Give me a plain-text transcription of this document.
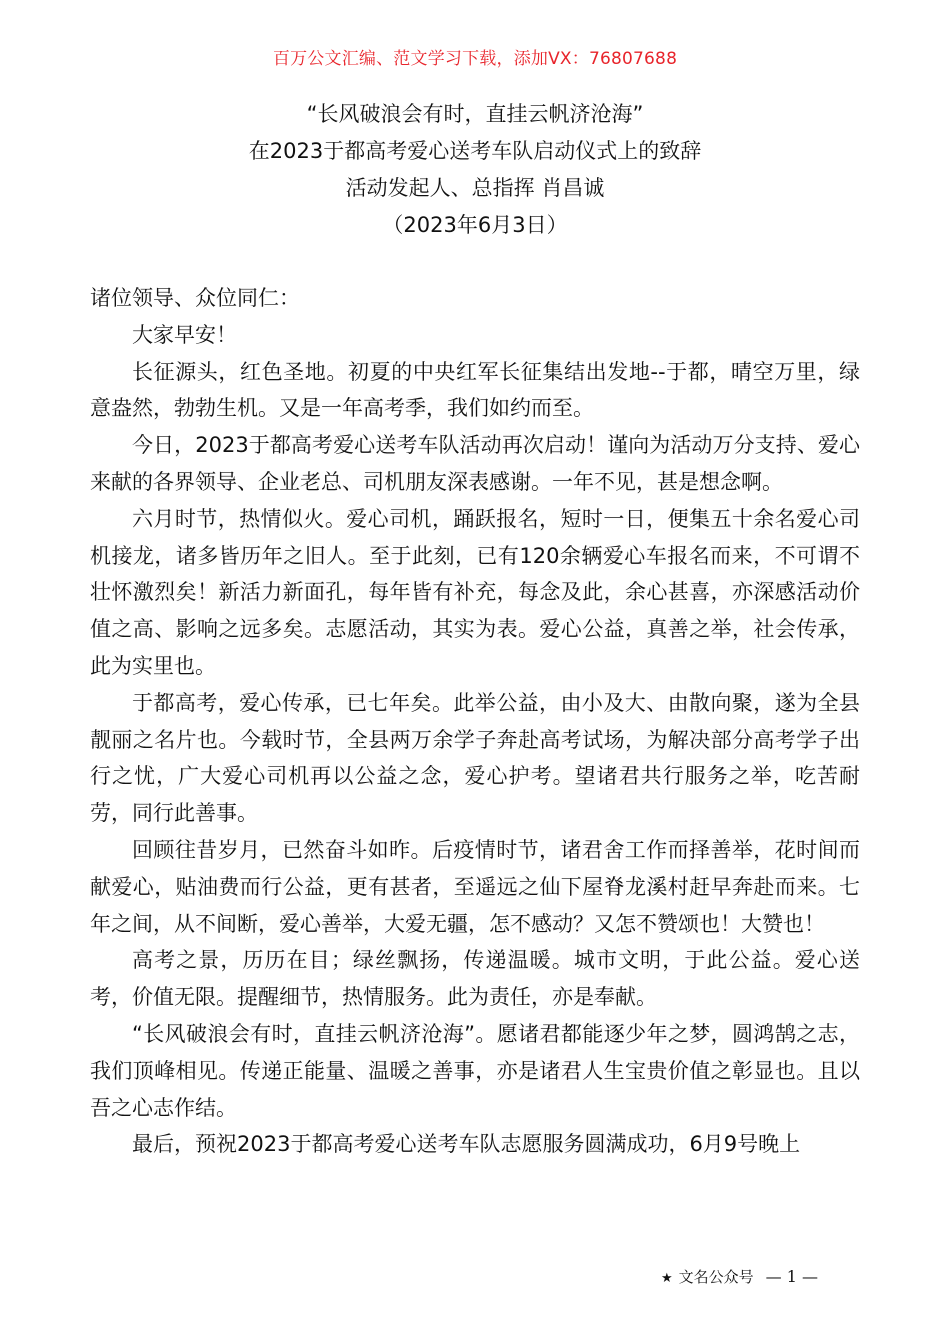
百万公文汇编、范文学习下载，添加VX：76807688
“长风破浪会有时，直挂云帆济沧海”
在2023于都高考爱心送考车队启动仪式上的致辞
活动发起人、总指挥 肖昌诚
（2023年6月3日）

诸位领导、众位同仁：

大家早安！

长征源头，红色圣地。初夏的中央红军长征集结出发地--于都，晴空万里，绿意盎然，勃勃生机。又是一年高考季，我们如约而至。

今日，2023于都高考爱心送考车队活动再次启动！谨向为活动万分支持、爱心来献的各界领导、企业老总、司机朋友深表感谢。一年不见，甚是想念啊。

六月时节，热情似火。爱心司机，踊跃报名，短时一日，便集五十余名爱心司机接龙，诸多皆历年之旧人。至于此刻，已有120余辆爱心车报名而来，不可谓不壮怀激烈矣！新活力新面孔，每年皆有补充，每念及此，余心甚喜，亦深感活动价值之高、影响之远多矣。志愿活动，其实为表。爱心公益，真善之举，社会传承，此为实里也。

于都高考，爱心传承，已七年矣。此举公益，由小及大、由散向聚，遂为全县靓丽之名片也。今载时节，全县两万余学子奔赴高考试场，为解决部分高考学子出行之忧，广大爱心司机再以公益之念，爱心护考。望诸君共行服务之举，吃苦耐劳，同行此善事。

回顾往昔岁月，已然奋斗如昨。后疫情时节，诸君舍工作而择善举，花时间而献爱心，贴油费而行公益，更有甚者，至遥远之仙下屋脊龙溪村赶早奔赴而来。七年之间，从不间断，爱心善举，大爱无疆，怎不感动？又怎不赞颂也！大赞也！

高考之景，历历在目；绿丝飘扬，传递温暖。城市文明，于此公益。爱心送考，价值无限。提醒细节，热情服务。此为责任，亦是奉献。

“长风破浪会有时，直挂云帆济沧海”。愿诸君都能逐少年之梦，圆鸿鹄之志，我们顶峰相见。传递正能量、温暖之善事，亦是诸君人生宝贵价值之彰显也。且以吾之心志作结。

最后，预祝2023于都高考爱心送考车队志愿服务圆满成功，6月9号晚上

★ 文名公众号 — 1 —
